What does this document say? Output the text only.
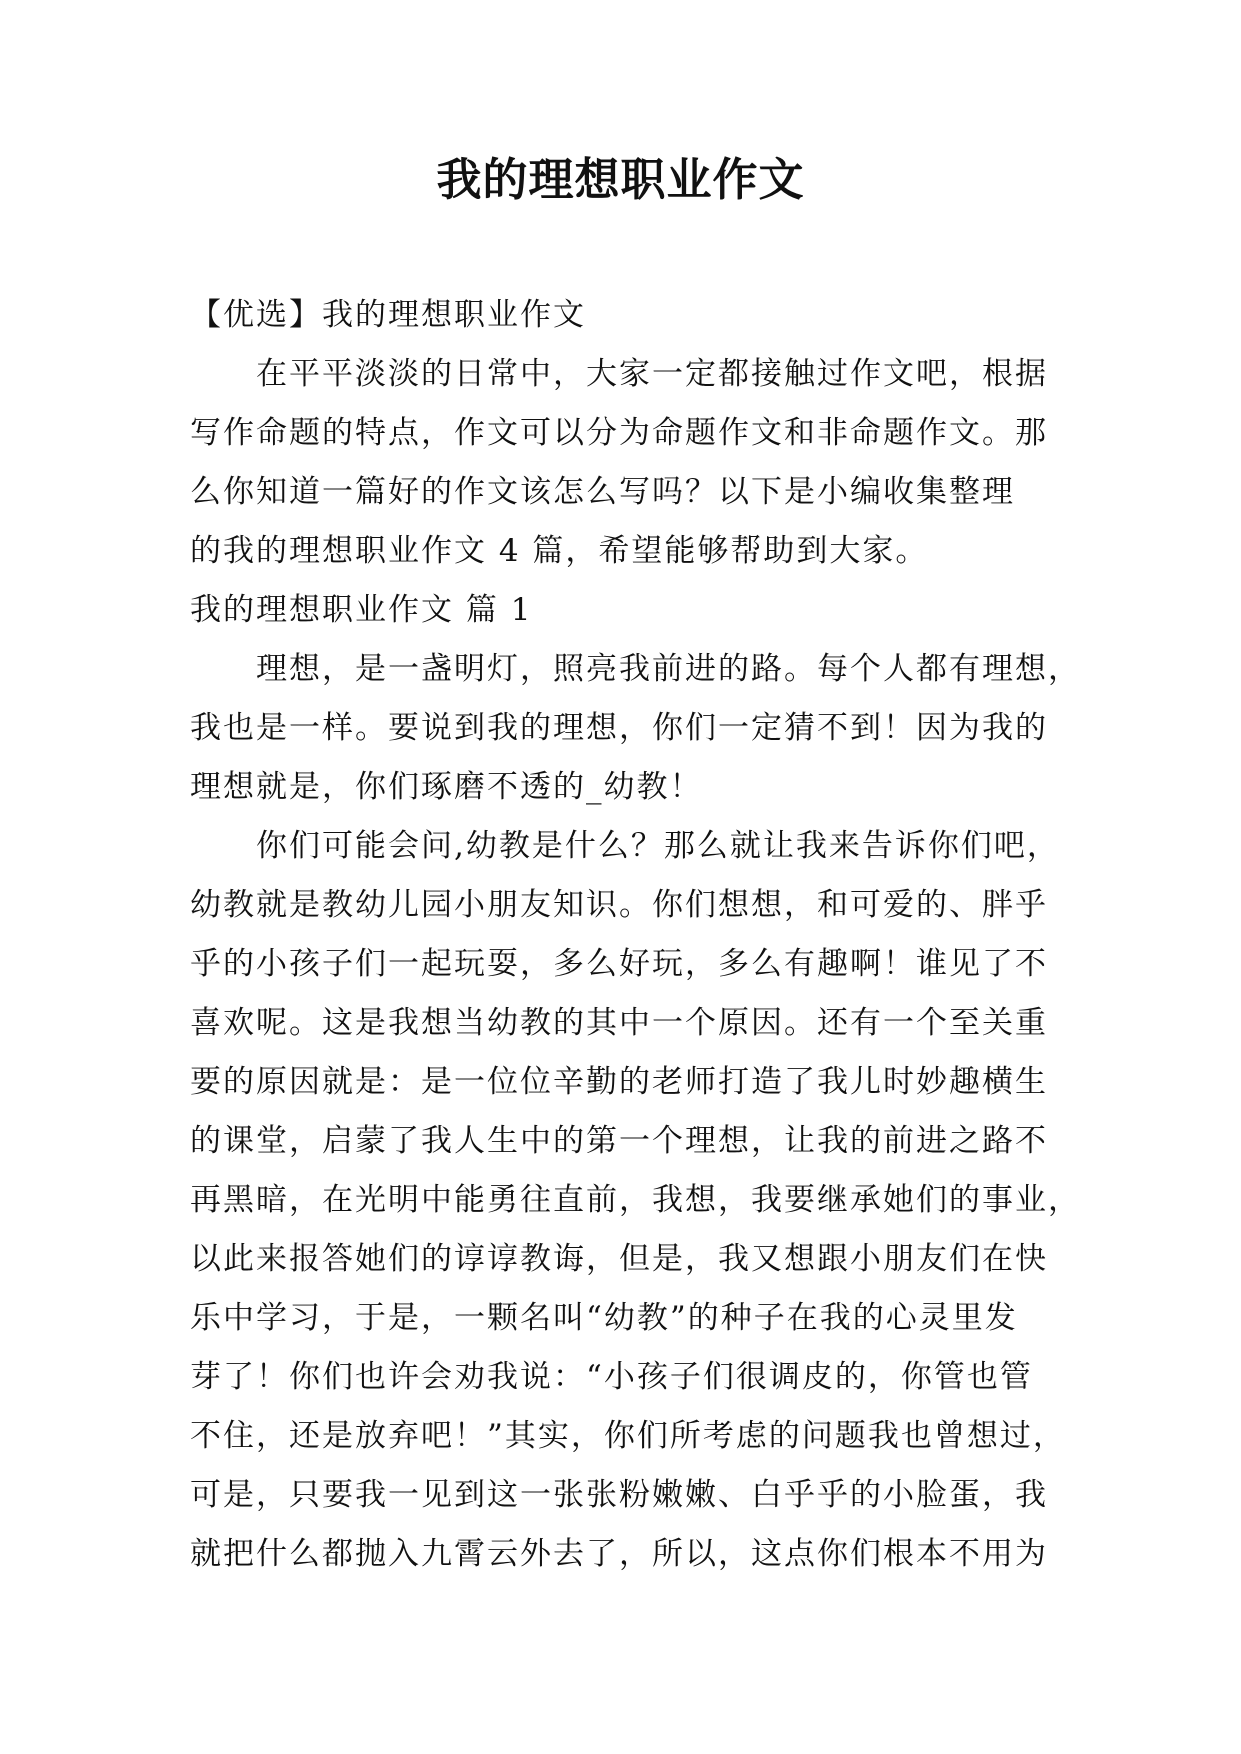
我的理想职业作文
【优选】我的理想职业作文
在平平淡淡的日常中，大家一定都接触过作文吧，根据
写作命题的特点，作文可以分为命题作文和非命题作文。那
么你知道一篇好的作文该怎么写吗？以下是小编收集整理
的我的理想职业作文 4 篇，希望能够帮助到大家。
我的理想职业作文 篇 1
理想，是一盏明灯，照亮我前进的路。每个人都有理想，
我也是一样。要说到我的理想，你们一定猜不到！因为我的
理想就是，你们琢磨不透的_幼教！
你们可能会问,幼教是什么？那么就让我来告诉你们吧，
幼教就是教幼儿园小朋友知识。你们想想，和可爱的、胖乎
乎的小孩子们一起玩耍，多么好玩，多么有趣啊！谁见了不
喜欢呢。这是我想当幼教的其中一个原因。还有一个至关重
要的原因就是：是一位位辛勤的老师打造了我儿时妙趣横生
的课堂，启蒙了我人生中的第一个理想，让我的前进之路不
再黑暗，在光明中能勇往直前，我想，我要继承她们的事业，
以此来报答她们的谆谆教诲，但是，我又想跟小朋友们在快
乐中学习，于是，一颗名叫“幼教”的种子在我的心灵里发
芽了！你们也许会劝我说：“小孩子们很调皮的，你管也管
不住，还是放弃吧！”其实，你们所考虑的问题我也曾想过，
可是，只要我一见到这一张张粉嫩嫩、白乎乎的小脸蛋，我
就把什么都抛入九霄云外去了，所以，这点你们根本不用为
